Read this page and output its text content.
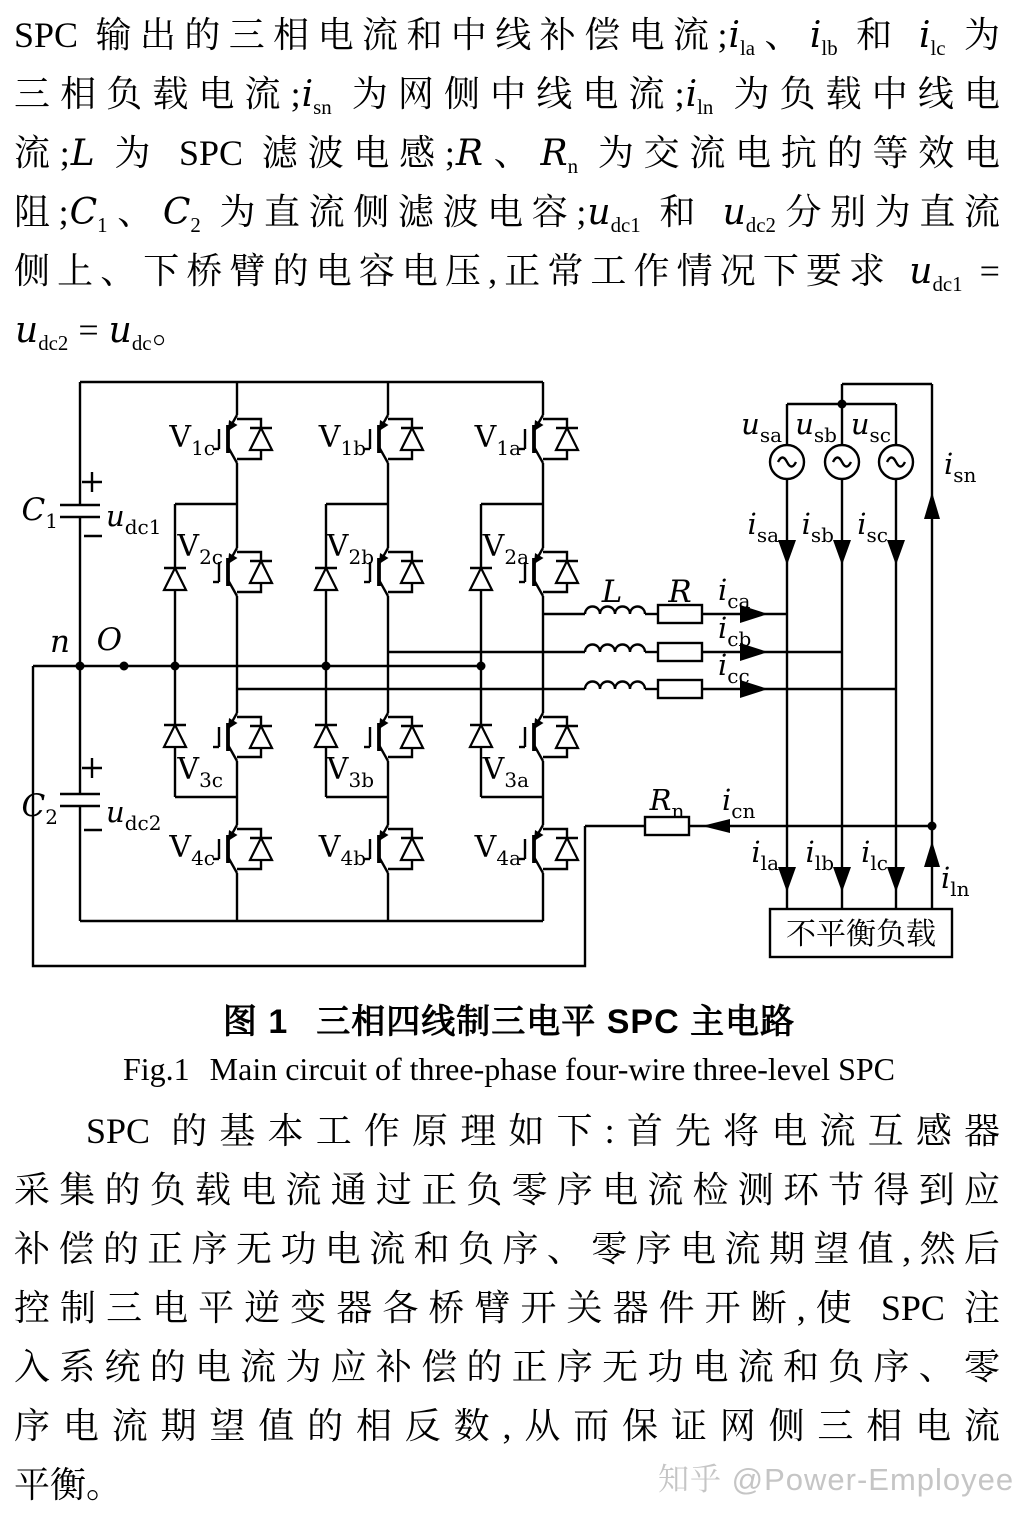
SPC 输出的三相电流和中线补偿电流$;i_{la}$、$i_{lb}$ 和 $i_{lc}$ 为
三相负载电流$;i_{sn}$ 为网侧中线电流$;i_{ln}$ 为负载中线电
流;L 为 SPC 滤波电感;R、$R_n$ 为交流电抗的等效电
阻$;C_1$、$C_2$ 为直流侧滤波电容$;u_{dc1}$ 和 $u_{dc2}$分别为直流
侧上、下桥臂的电容电压,正常工作情况下要求 $u_{dc1}$ =
$u_{dc2} = u_{dc}$。
$C_1$ $u_{dc1}$
$C_2$ $u_{dc2}$
n O
$V_{1c}$
$V_{2c}$
$V_{3c}$
$V_{4c}$
$V_{1b}$
$V_{2b}$
$V_{3b}$
$V_{4b}$
$V_{1a}$
$V_{2a}$
$V_{3a}$
$V_{4a}$
$i_{ca}$
$i_{cb}$
$i_{cc}$
L R
$R_n$ $i_{cn}$
$u_{sa}$
$i_{sa}$
$i_{la}$
$u_{sb}$
$i_{sb}$
$i_{lb}$
$u_{sc}$
$i_{sc}$
$i_{lc}$
$i_{sn}$
$i_{ln}$
不平衡负载
图 1 三相四线制三电平 SPC 主电路
Fig.1 Main circuit of three-phase four-wire three-level SPC
SPC 的基本工作原理如下:首先将电流互感器
采集的负载电流通过正负零序电流检测环节得到应
补偿的正序无功电流和负序、零序电流期望值,然后
控制三电平逆变器各桥臂开关器件开断,使 SPC 注
入系统的电流为应补偿的正序无功电流和负序、零
序电流期望值的相反数,从而保证网侧三相电流
平衡。	知乎 @Power-Employee
